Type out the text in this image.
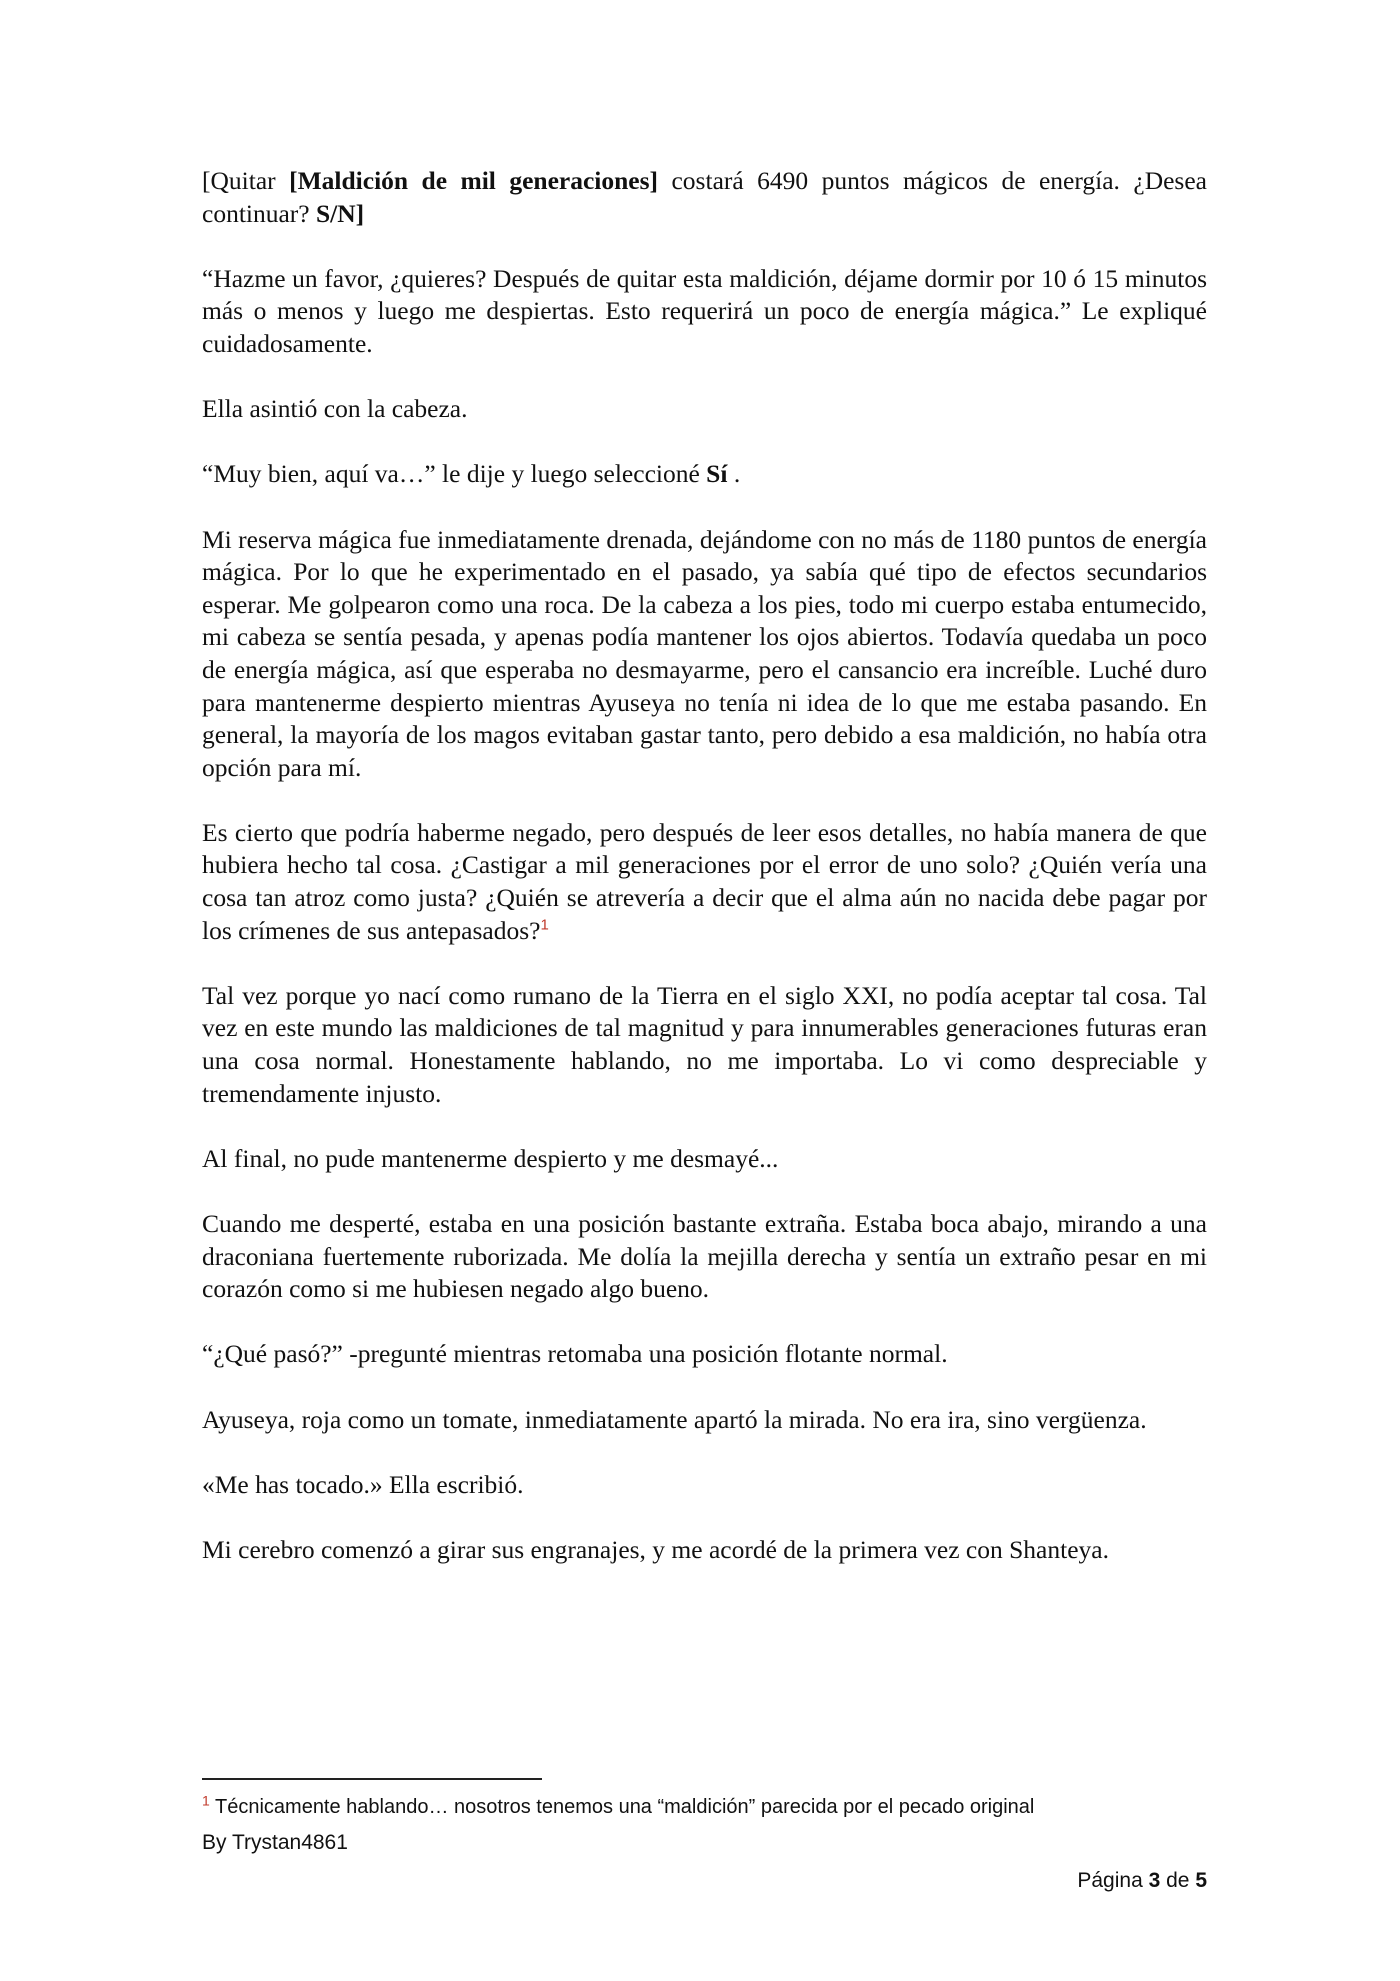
[Quitar [Maldición de mil generaciones] costará 6490 puntos mágicos de energía. ¿Desea continuar? S/N]

“Hazme un favor, ¿quieres? Después de quitar esta maldición, déjame dormir por 10 ó 15 minutos más o menos y luego me despiertas. Esto requerirá un poco de energía mágica.” Le expliqué cuidadosamente.

Ella asintió con la cabeza.

“Muy bien, aquí va…” le dije y luego seleccioné Sí .

Mi reserva mágica fue inmediatamente drenada, dejándome con no más de 1180 puntos de energía mágica. Por lo que he experimentado en el pasado, ya sabía qué tipo de efectos secundarios esperar. Me golpearon como una roca. De la cabeza a los pies, todo mi cuerpo estaba entumecido, mi cabeza se sentía pesada, y apenas podía mantener los ojos abiertos. Todavía quedaba un poco de energía mágica, así que esperaba no desmayarme, pero el cansancio era increíble. Luché duro para mantenerme despierto mientras Ayuseya no tenía ni idea de lo que me estaba pasando. En general, la mayoría de los magos evitaban gastar tanto, pero debido a esa maldición, no había otra opción para mí.

Es cierto que podría haberme negado, pero después de leer esos detalles, no había manera de que hubiera hecho tal cosa. ¿Castigar a mil generaciones por el error de uno solo? ¿Quién vería una cosa tan atroz como justa? ¿Quién se atrevería a decir que el alma aún no nacida debe pagar por los crímenes de sus antepasados?$^1$

Tal vez porque yo nací como rumano de la Tierra en el siglo XXI, no podía aceptar tal cosa. Tal vez en este mundo las maldiciones de tal magnitud y para innumerables generaciones futuras eran una cosa normal. Honestamente hablando, no me importaba. Lo vi como despreciable y tremendamente injusto.

Al final, no pude mantenerme despierto y me desmayé...

Cuando me desperté, estaba en una posición bastante extraña. Estaba boca abajo, mirando a una draconiana fuertemente ruborizada. Me dolía la mejilla derecha y sentía un extraño pesar en mi corazón como si me hubiesen negado algo bueno.

“¿Qué pasó?” -pregunté mientras retomaba una posición flotante normal.

Ayuseya, roja como un tomate, inmediatamente apartó la mirada. No era ira, sino vergüenza.

«Me has tocado.» Ella escribió.

Mi cerebro comenzó a girar sus engranajes, y me acordé de la primera vez con Shanteya.

$^1$ Técnicamente hablando… nosotros tenemos una “maldición” parecida por el pecado original
By Trystan4861
Página 3 de 5
